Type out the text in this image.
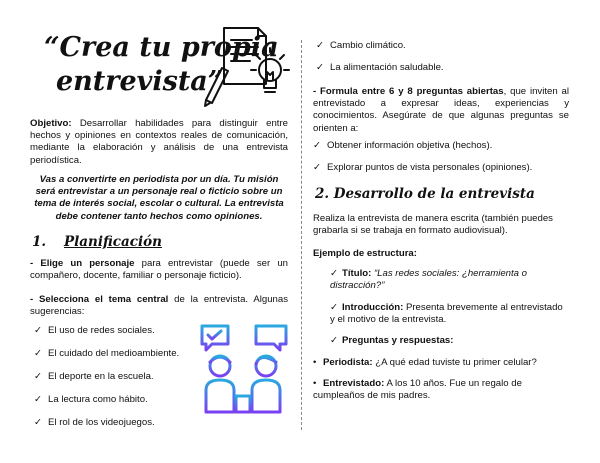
“Crea tu propia
entrevista”
Objetivo: Desarrollar habilidades para distinguir entre hechos y opiniones en contextos reales de comunicación, mediante la elaboración y análisis de una entrevista periodística.
Vas a convertirte en periodista por un día. Tu misión será entrevistar a un personaje real o ficticio sobre un tema de interés social, escolar o cultural. La entrevista debe contener tanto hechos como opiniones.
1. Planificación
- Elige un personaje para entrevistar (puede ser un compañero, docente, familiar o personaje ficticio).
- Selecciona el tema central de la entrevista. Algunas sugerencias:
✓ El uso de redes sociales.
✓ El cuidado del medioambiente.
✓ El deporte en la escuela.
✓ La lectura como hábito.
✓ El rol de los videojuegos.
✓ Cambio climático.
✓ La alimentación saludable.
- Formula entre 6 y 8 preguntas abiertas, que inviten al entrevistado a expresar ideas, experiencias y conocimientos. Asegúrate de que algunas preguntas se orienten a:
✓ Obtener información objetiva (hechos).
✓ Explorar puntos de vista personales (opiniones).
2. Desarrollo de la entrevista
Realiza la entrevista de manera escrita (también puedes grabarla si se trabaja en formato audiovisual).
Ejemplo de estructura:
✓ Título: “Las redes sociales: ¿herramienta o distracción?”
✓ Introducción: Presenta brevemente al entrevistado y el motivo de la entrevista.
✓ Preguntas y respuestas:
• Periodista: ¿A qué edad tuviste tu primer celular?
• Entrevistado: A los 10 años. Fue un regalo de cumpleaños de mis padres.
